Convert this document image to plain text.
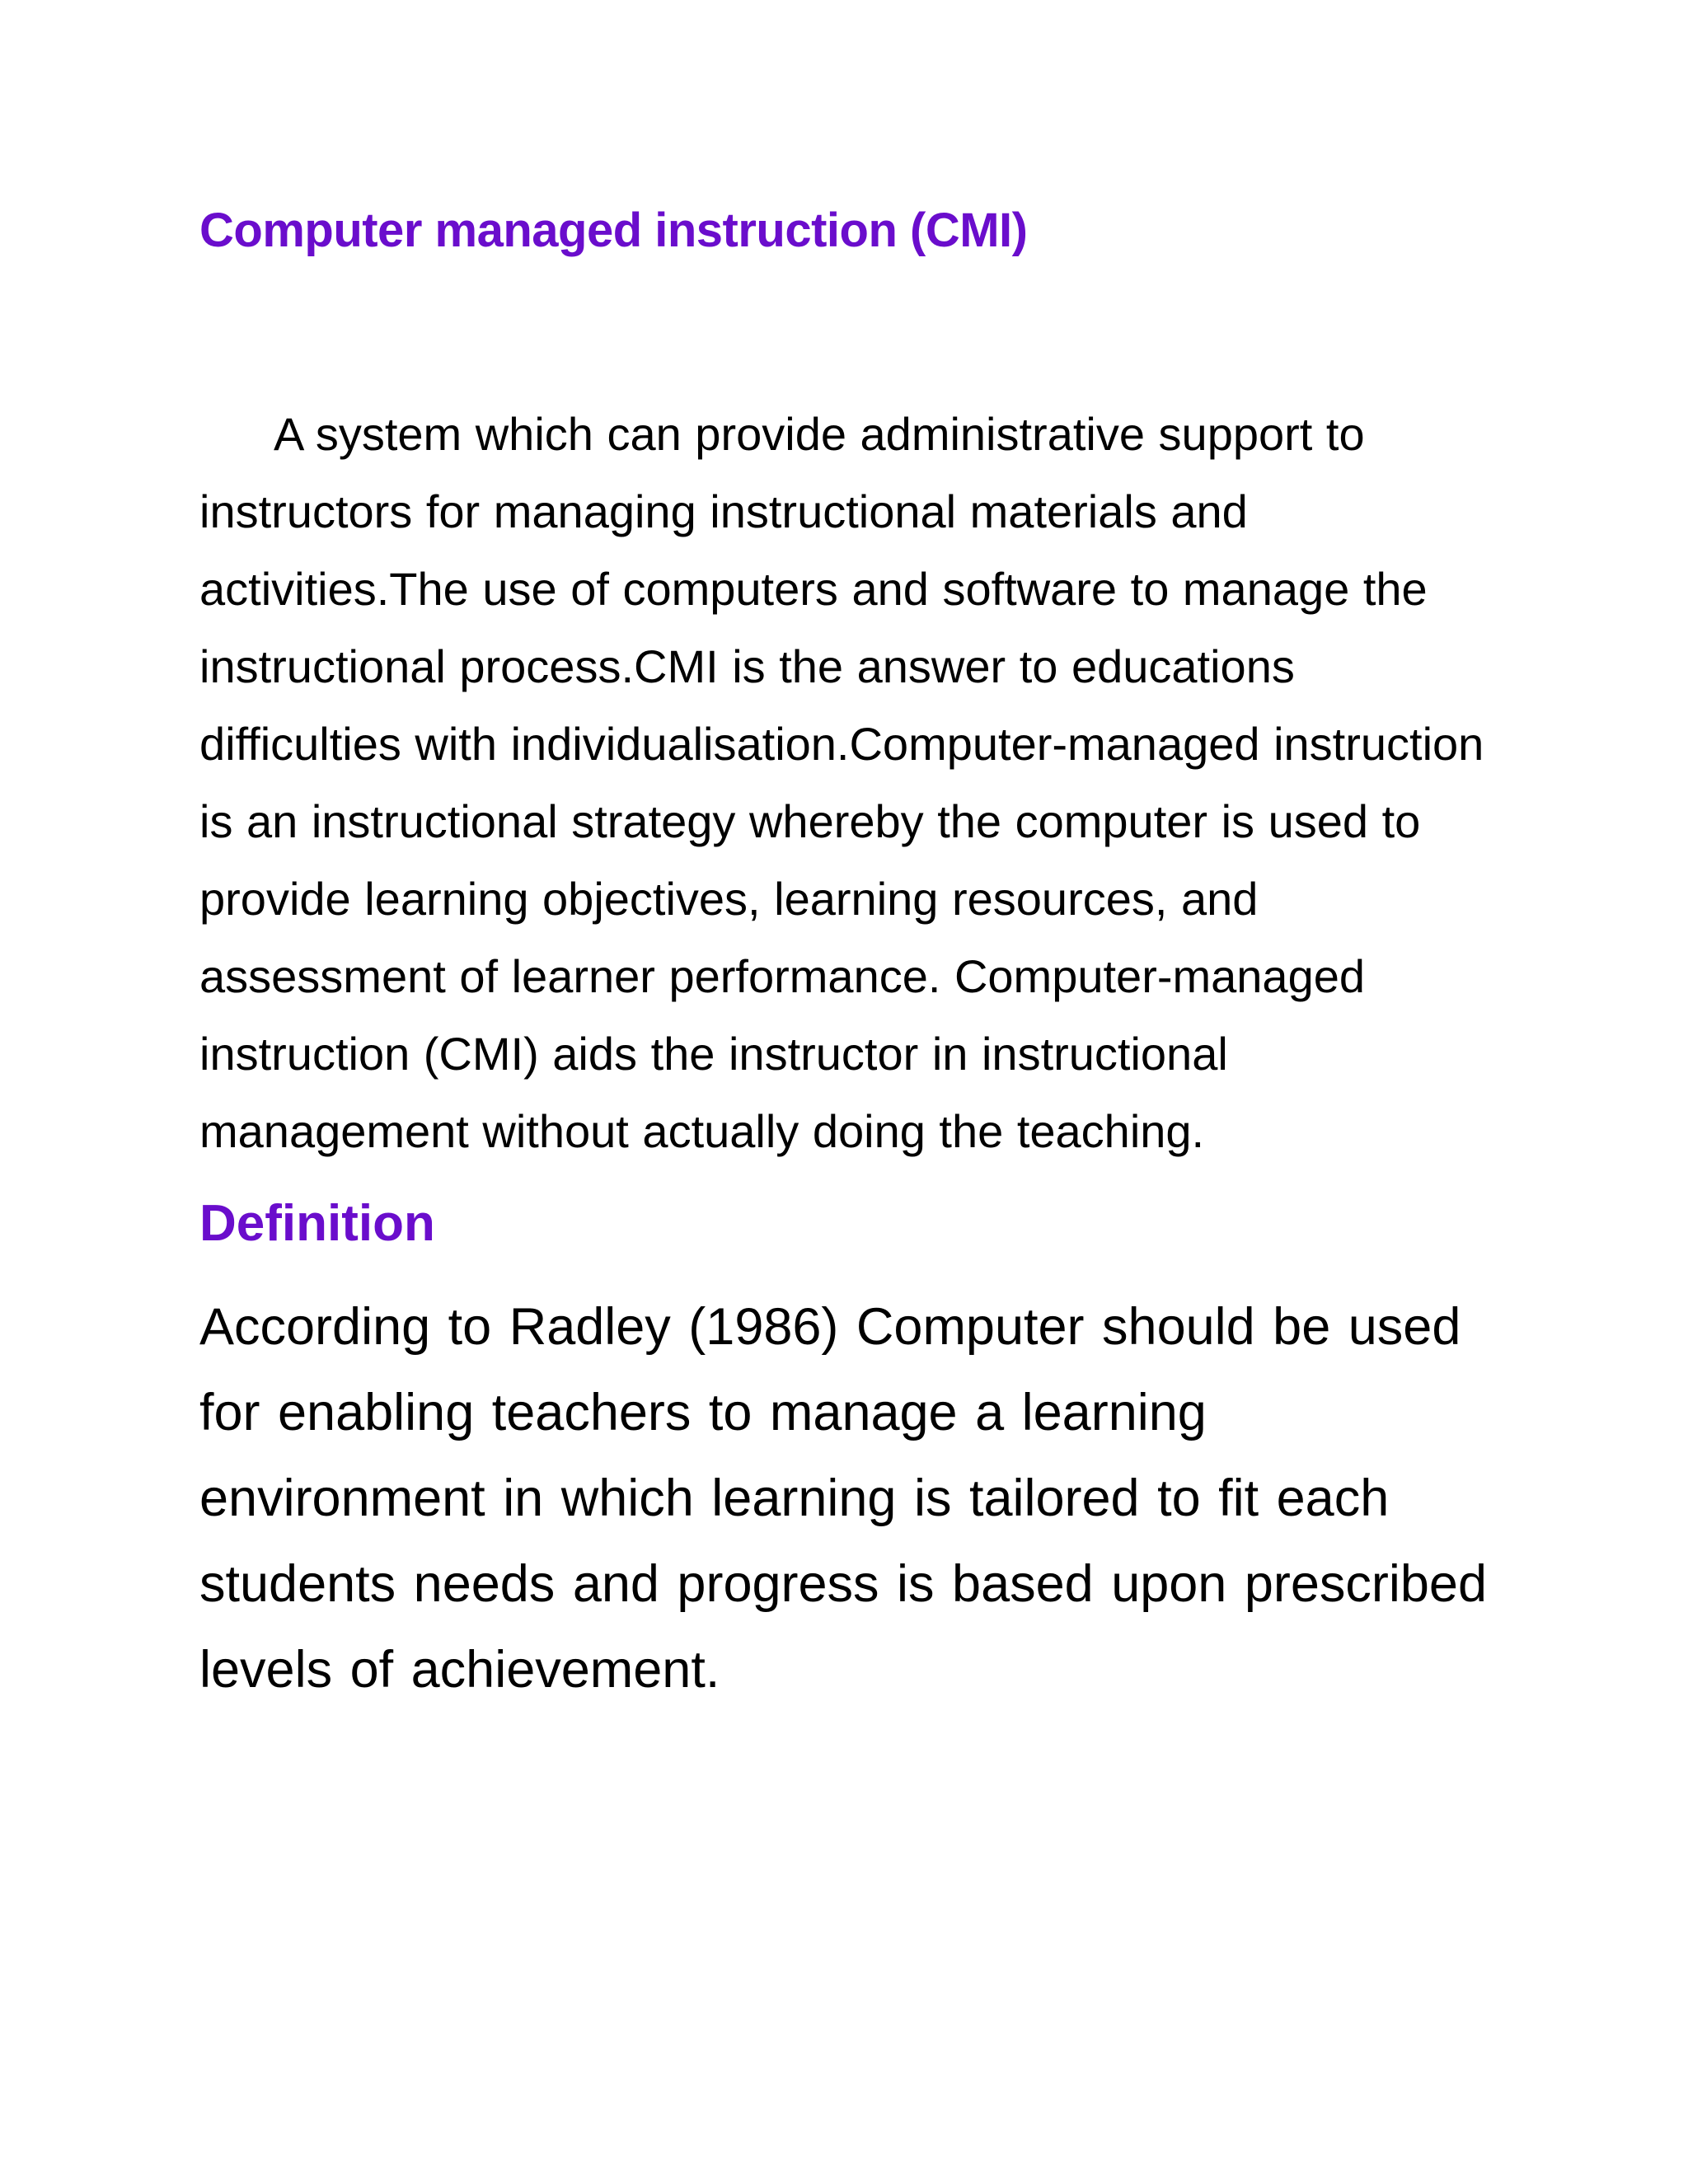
Computer managed instruction (CMI)

A system which can provide administrative support to instructors for managing instructional materials and activities.The use of computers and software to manage the instructional process.CMI is the answer to educations difficulties with individualisation.Computer-managed instruction is an instructional strategy whereby the computer is used to provide learning objectives, learning resources, and assessment of learner performance. Computer-managed instruction (CMI) aids the instructor in instructional management without actually doing the teaching.

Definition

According to Radley (1986) Computer should be used for enabling teachers to manage a learning environment in which learning is tailored to fit each students needs and progress is based upon prescribed levels of achievement.
